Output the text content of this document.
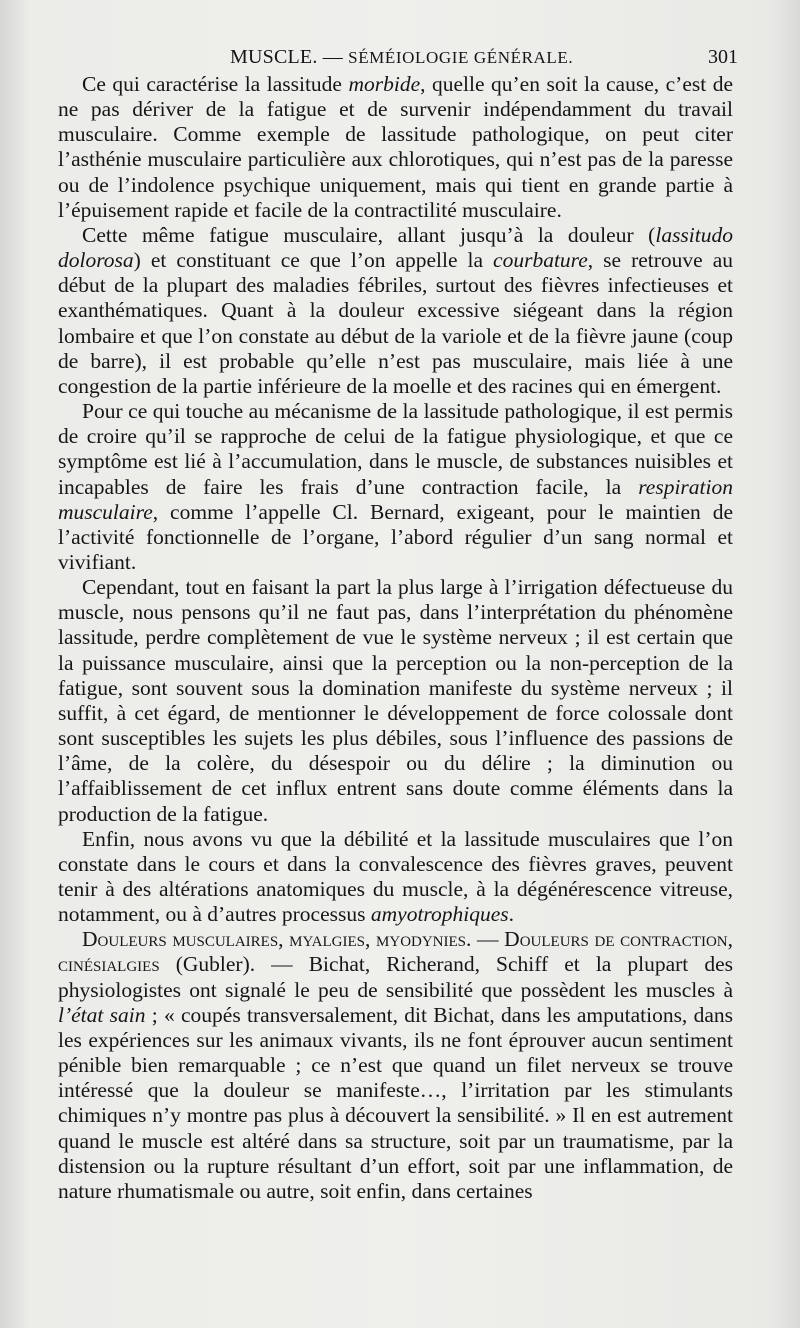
MUSCLE. — SÉMÉIOLOGIE GÉNÉRALE.	301

Ce qui caractérise la lassitude morbide, quelle qu’en soit la cause, c’est de ne pas dériver de la fatigue et de survenir indépendamment du travail musculaire. Comme exemple de lassitude pathologique, on peut citer l’asthénie musculaire particulière aux chlorotiques, qui n’est pas de la paresse ou de l’indolence psychique uniquement, mais qui tient en grande partie à l’épuisement rapide et facile de la contractilité musculaire.

Cette même fatigue musculaire, allant jusqu’à la douleur (lassitudo dolorosa) et constituant ce que l’on appelle la courbature, se retrouve au début de la plupart des maladies fébriles, surtout des fièvres infectieuses et exanthématiques. Quant à la douleur excessive siégeant dans la région lombaire et que l’on constate au début de la variole et de la fièvre jaune (coup de barre), il est probable qu’elle n’est pas musculaire, mais liée à une congestion de la partie inférieure de la moelle et des racines qui en émergent.

Pour ce qui touche au mécanisme de la lassitude pathologique, il est permis de croire qu’il se rapproche de celui de la fatigue physiologique, et que ce symptôme est lié à l’accumulation, dans le muscle, de substances nuisibles et incapables de faire les frais d’une contraction facile, la respiration musculaire, comme l’appelle Cl. Bernard, exigeant, pour le maintien de l’activité fonctionnelle de l’organe, l’abord régulier d’un sang normal et vivifiant.

Cependant, tout en faisant la part la plus large à l’irrigation défectueuse du muscle, nous pensons qu’il ne faut pas, dans l’interprétation du phénomène lassitude, perdre complètement de vue le système nerveux ; il est certain que la puissance musculaire, ainsi que la perception ou la non-perception de la fatigue, sont souvent sous la domination manifeste du système nerveux ; il suffit, à cet égard, de mentionner le développement de force colossale dont sont susceptibles les sujets les plus débiles, sous l’influence des passions de l’âme, de la colère, du désespoir ou du délire ; la diminution ou l’affaiblissement de cet influx entrent sans doute comme éléments dans la production de la fatigue.

Enfin, nous avons vu que la débilité et la lassitude musculaires que l’on constate dans le cours et dans la convalescence des fièvres graves, peuvent tenir à des altérations anatomiques du muscle, à la dégénérescence vitreuse, notamment, ou à d’autres processus amyotrophiques.

Douleurs musculaires, myalgies, myodynies. — Douleurs de contraction, cinésialgies (Gubler). — Bichat, Richerand, Schiff et la plupart des physiologistes ont signalé le peu de sensibilité que possèdent les muscles à l’état sain ; « coupés transversalement, dit Bichat, dans les amputations, dans les expériences sur les animaux vivants, ils ne font éprouver aucun sentiment pénible bien remarquable ; ce n’est que quand un filet nerveux se trouve intéressé que la douleur se manifeste…, l’irritation par les stimulants chimiques n’y montre pas plus à découvert la sensibilité. » Il en est autrement quand le muscle est altéré dans sa structure, soit par un traumatisme, par la distension ou la rupture résultant d’un effort, soit par une inflammation, de nature rhumatismale ou autre, soit enfin, dans certaines
